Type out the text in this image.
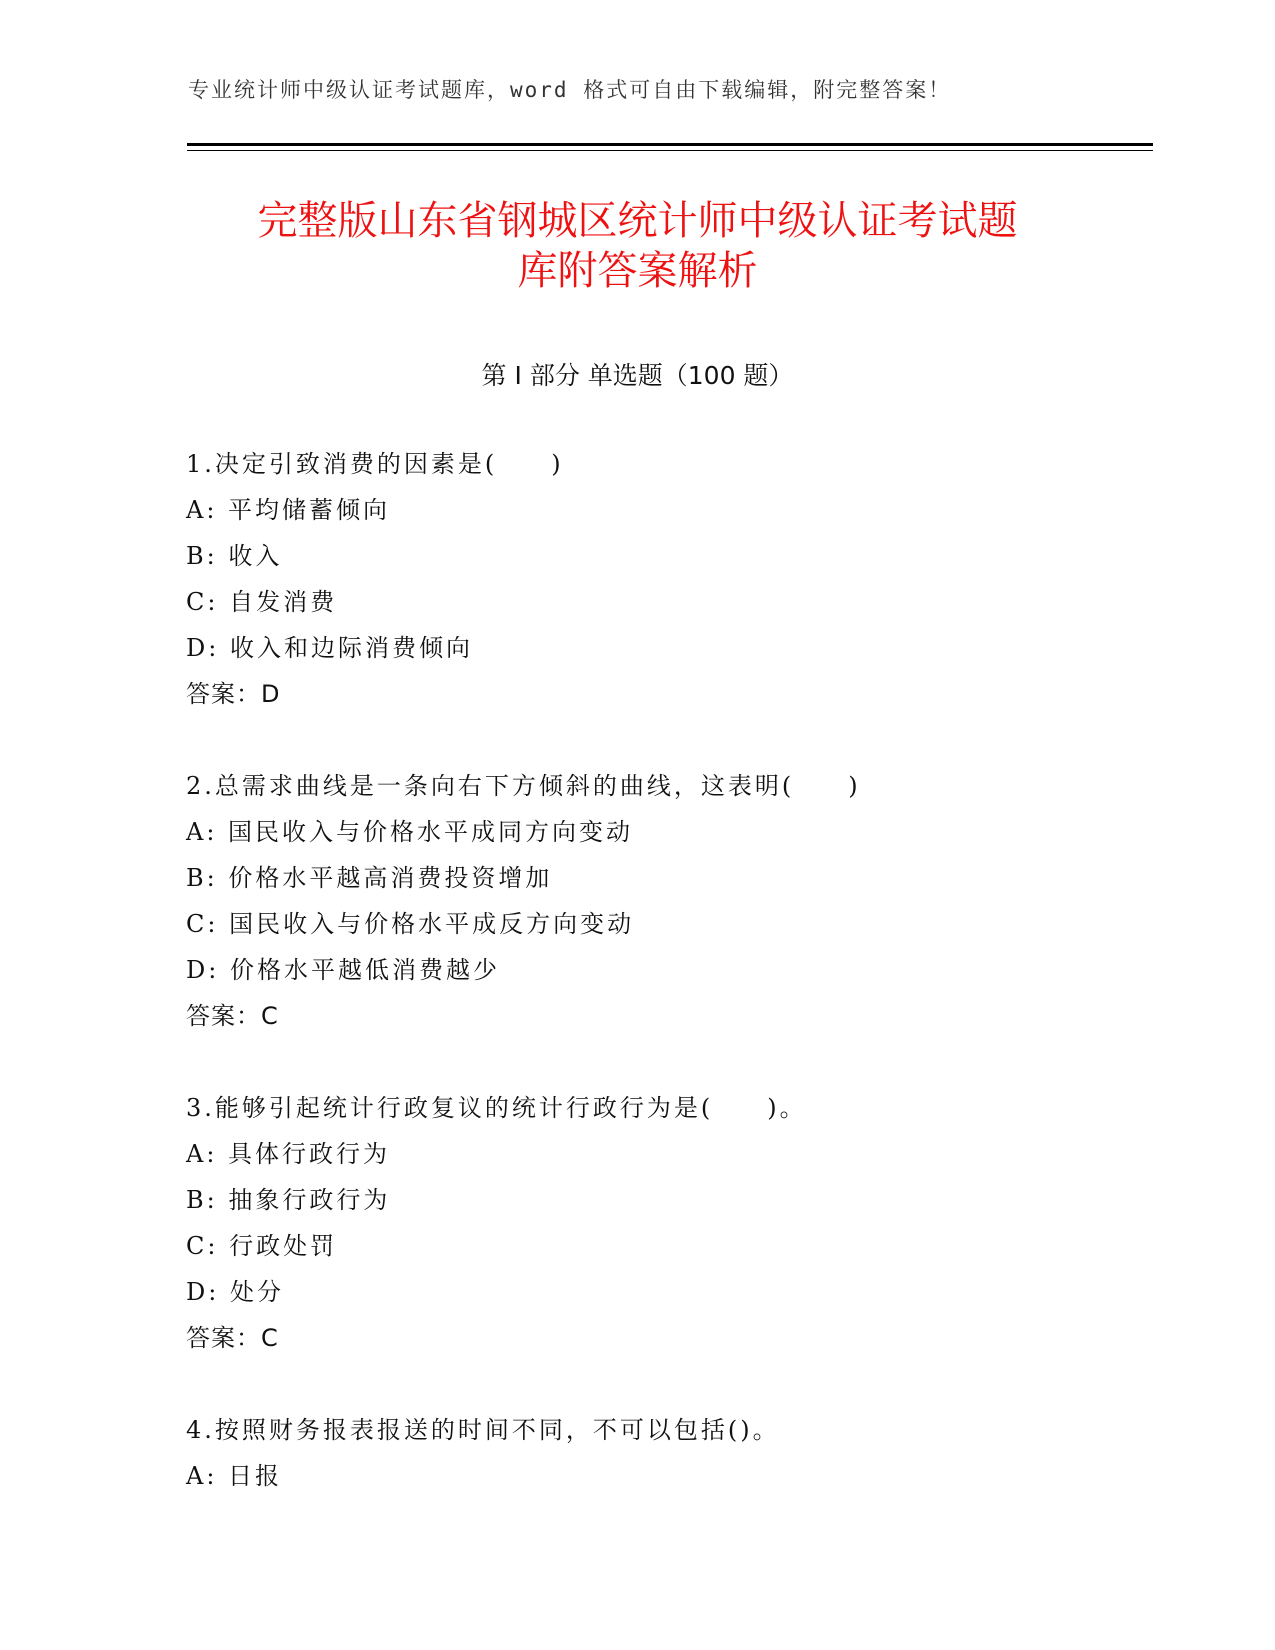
专业统计师中级认证考试题库，word 格式可自由下载编辑，附完整答案！
完整版山东省钢城区统计师中级认证考试题
库附答案解析
第 I 部分 单选题（100 题）
1.决定引致消费的因素是(　　)
A: 平均储蓄倾向
B: 收入
C: 自发消费
D: 收入和边际消费倾向
答案：D
2.总需求曲线是一条向右下方倾斜的曲线，这表明(　　)
A: 国民收入与价格水平成同方向变动
B: 价格水平越高消费投资增加
C: 国民收入与价格水平成反方向变动
D: 价格水平越低消费越少
答案：C
3.能够引起统计行政复议的统计行政行为是(　　)。
A: 具体行政行为
B: 抽象行政行为
C: 行政处罚
D: 处分
答案：C
4.按照财务报表报送的时间不同，不可以包括()。
A: 日报
